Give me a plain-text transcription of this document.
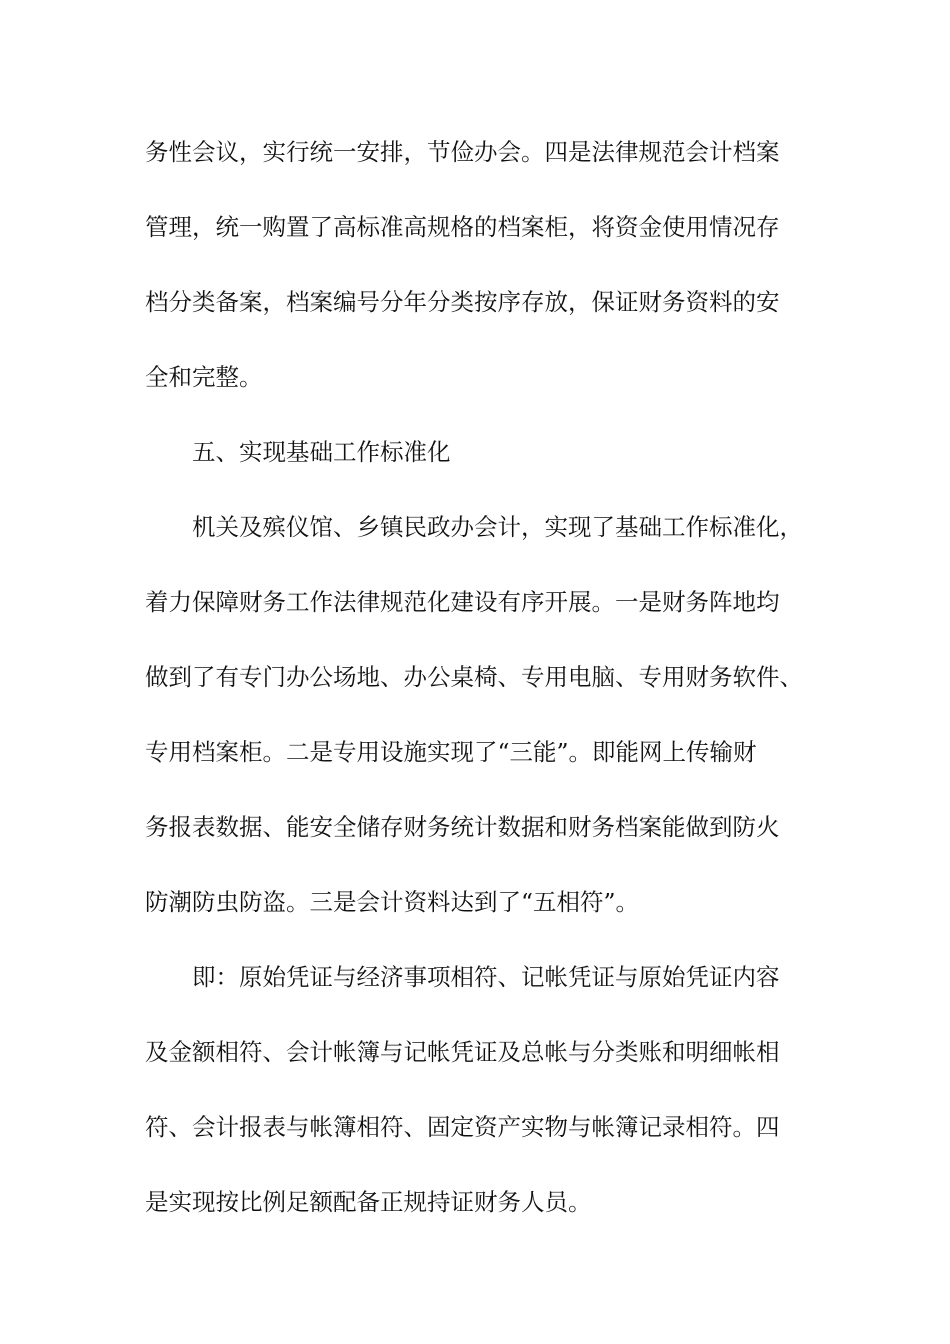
务性会议，实行统一安排，节俭办会。四是法律规范会计档案
管理，统一购置了高标准高规格的档案柜，将资金使用情况存
档分类备案，档案编号分年分类按序存放，保证财务资料的安
全和完整。
五、实现基础工作标准化
机关及殡仪馆、乡镇民政办会计，实现了基础工作标准化，
着力保障财务工作法律规范化建设有序开展。一是财务阵地均
做到了有专门办公场地、办公桌椅、专用电脑、专用财务软件、
专用档案柜。二是专用设施实现了“三能”。即能网上传输财
务报表数据、能安全储存财务统计数据和财务档案能做到防火
防潮防虫防盗。三是会计资料达到了“五相符”。
即：原始凭证与经济事项相符、记帐凭证与原始凭证内容
及金额相符、会计帐簿与记帐凭证及总帐与分类账和明细帐相
符、会计报表与帐簿相符、固定资产实物与帐簿记录相符。四
是实现按比例足额配备正规持证财务人员。
